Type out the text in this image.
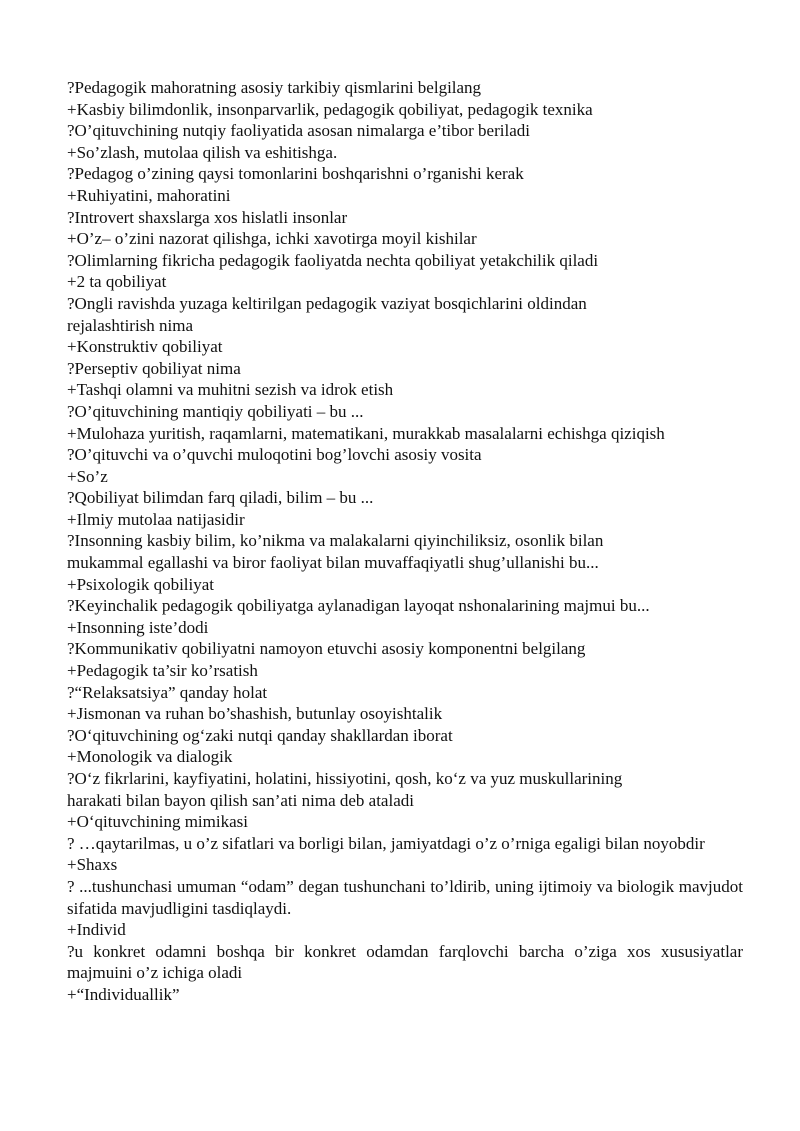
?Pedagogik mahoratning asosiy tarkibiy qismlarini belgilang

+Kasbiy bilimdonlik, insonparvarlik, pedagogik qobiliyat, pedagogik texnika

?O’qituvchining nutqiy faoliyatida asosan nimalarga e’tibor beriladi

+So’zlash, mutolaa qilish va eshitishga.

?Pedagog o’zining qaysi tomonlarini boshqarishni o’rganishi kerak

+Ruhiyatini, mahoratini

?Introvert shaxslarga xos hislatli insonlar

+O’z– o’zini nazorat qilishga, ichki xavotirga moyil kishilar

?Olimlarning fikricha pedagogik faoliyatda nechta qobiliyat yetakchilik qiladi

+2 ta qobiliyat

?Ongli ravishda yuzaga keltirilgan pedagogik vaziyat bosqichlarini oldindan

rejalashtirish nima

+Konstruktiv qobiliyat

?Perseptiv qobiliyat nima

+Tashqi olamni va muhitni sezish va idrok etish

?O’qituvchining mantiqiy qobiliyati – bu ...

+Mulohaza yuritish, raqamlarni, matematikani, murakkab masalalarni echishga qiziqish

?O’qituvchi va o’quvchi muloqotini bog’lovchi asosiy vosita

+So’z

?Qobiliyat bilimdan farq qiladi, bilim – bu ...

+Ilmiy mutolaa natijasidir

?Insonning kasbiy bilim, ko’nikma va malakalarni qiyinchiliksiz, osonlik bilan

mukammal egallashi va biror faoliyat bilan muvaffaqiyatli shug’ullanishi bu...

+Psixologik qobiliyat

?Keyinchalik pedagogik qobiliyatga aylanadigan layoqat nshonalarining majmui bu...

+Insonning iste’dodi

?Kommunikativ qobiliyatni namoyon etuvchi asosiy komponentni belgilang

+Pedagogik ta’sir ko’rsatish

?“Relaksatsiya” qanday holat

+Jismonan va ruhan bo’shashish, butunlay osoyishtalik

?O‘qituvchining og‘zaki nutqi qanday shakllardan iborat

+Monologik va dialogik

?O‘z fikrlarini, kayfiyatini, holatini, hissiyotini, qosh, ko‘z va yuz muskullarining

harakati bilan bayon qilish san’ati nima deb ataladi

+O‘qituvchining mimikasi

? …qaytarilmas, u o’z sifatlari va borligi bilan, jamiyatdagi o’z o’rniga egaligi bilan noyobdir

+Shaxs

? ...tushunchasi umuman “odam” degan tushunchani to’ldirib, uning ijtimoiy va biologik mavjudot sifatida mavjudligini tasdiqlaydi.

+Individ

?u konkret odamni boshqa bir konkret odamdan farqlovchi barcha o’ziga xos xususiyatlar majmuini o’z ichiga oladi

+“Individuallik”
